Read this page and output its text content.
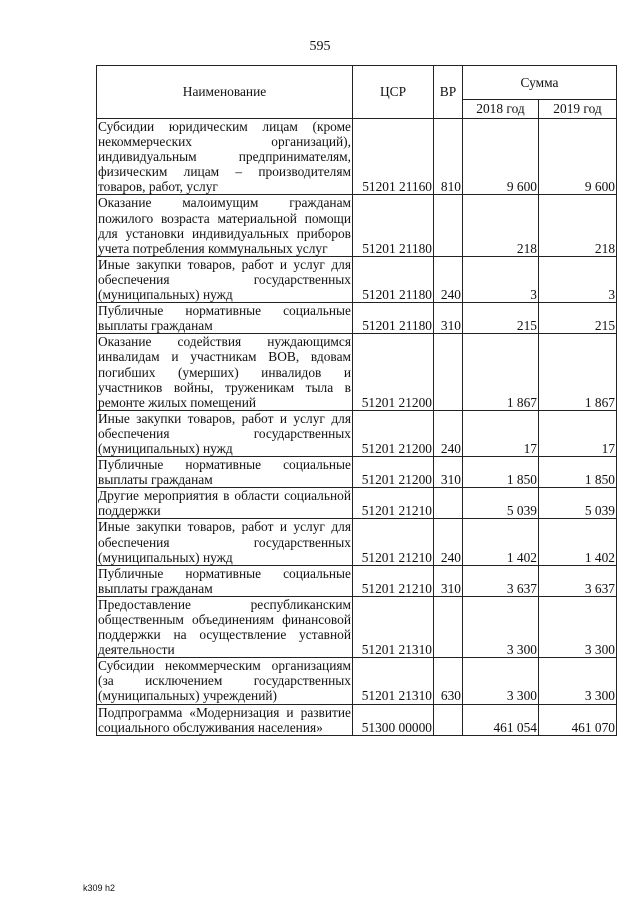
595
Наименование	ЦСР	ВР	Сумма	
			2018 год	2019 год
Субсидии юридическим лицам (кроме некоммерческих организаций), индивидуальным предпринимателям, физическим лицам – производителям товаров, работ, услуг	51201 21160	810	9 600	9 600
Оказание малоимущим гражданам пожилого возраста материальной помощи для установки индивидуальных приборов учета потребления коммунальных услуг	51201 21180		218	218
Иные закупки товаров, работ и услуг для обеспечения государственных (муниципальных) нужд	51201 21180	240	3	3
Публичные нормативные социальные выплаты гражданам	51201 21180	310	215	215
Оказание содействия нуждающимся инвалидам и участникам ВОВ, вдовам погибших (умерших) инвалидов и участников войны, труженикам тыла в ремонте жилых помещений	51201 21200		1 867	1 867
Иные закупки товаров, работ и услуг для обеспечения государственных (муниципальных) нужд	51201 21200	240	17	17
Публичные нормативные социальные выплаты гражданам	51201 21200	310	1 850	1 850
Другие мероприятия в области социальной поддержки	51201 21210		5 039	5 039
Иные закупки товаров, работ и услуг для обеспечения государственных (муниципальных) нужд	51201 21210	240	1 402	1 402
Публичные нормативные социальные выплаты гражданам	51201 21210	310	3 637	3 637
Предоставление республиканским общественным объединениям финансовой поддержки на осуществление уставной деятельности	51201 21310		3 300	3 300
Субсидии некоммерческим организациям (за исключением государственных (муниципальных) учреждений)	51201 21310	630	3 300	3 300
Подпрограмма «Модернизация и развитие социального обслуживания населения»	51300 00000		461 054	461 070
k309 h2
